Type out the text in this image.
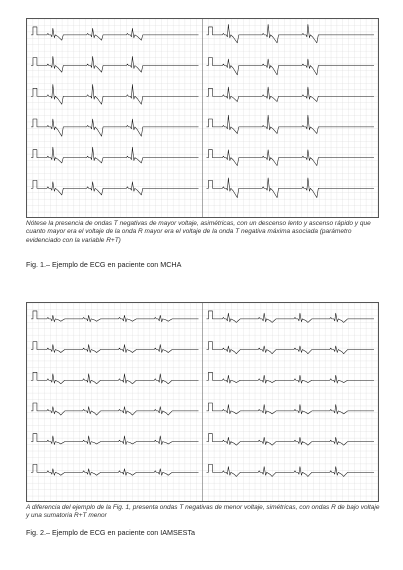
Nótese la presencia de ondas T negativas de mayor voltaje, asimétricas, con un descenso lento y ascenso rápido y que cuanto mayor era el voltaje de la onda R mayor era el voltaje de la onda T negativa máxima asociada (parámetro evidenciado con la variable R+T)
Fig. 1.– Ejemplo de ECG en paciente con MCHA
A diferencia del ejemplo de la Fig. 1, presenta ondas T negativas de menor voltaje, simétricas, con ondas R de bajo voltaje y una sumatoria R+T menor
Fig. 2.– Ejemplo de ECG en paciente con IAMSESTa
